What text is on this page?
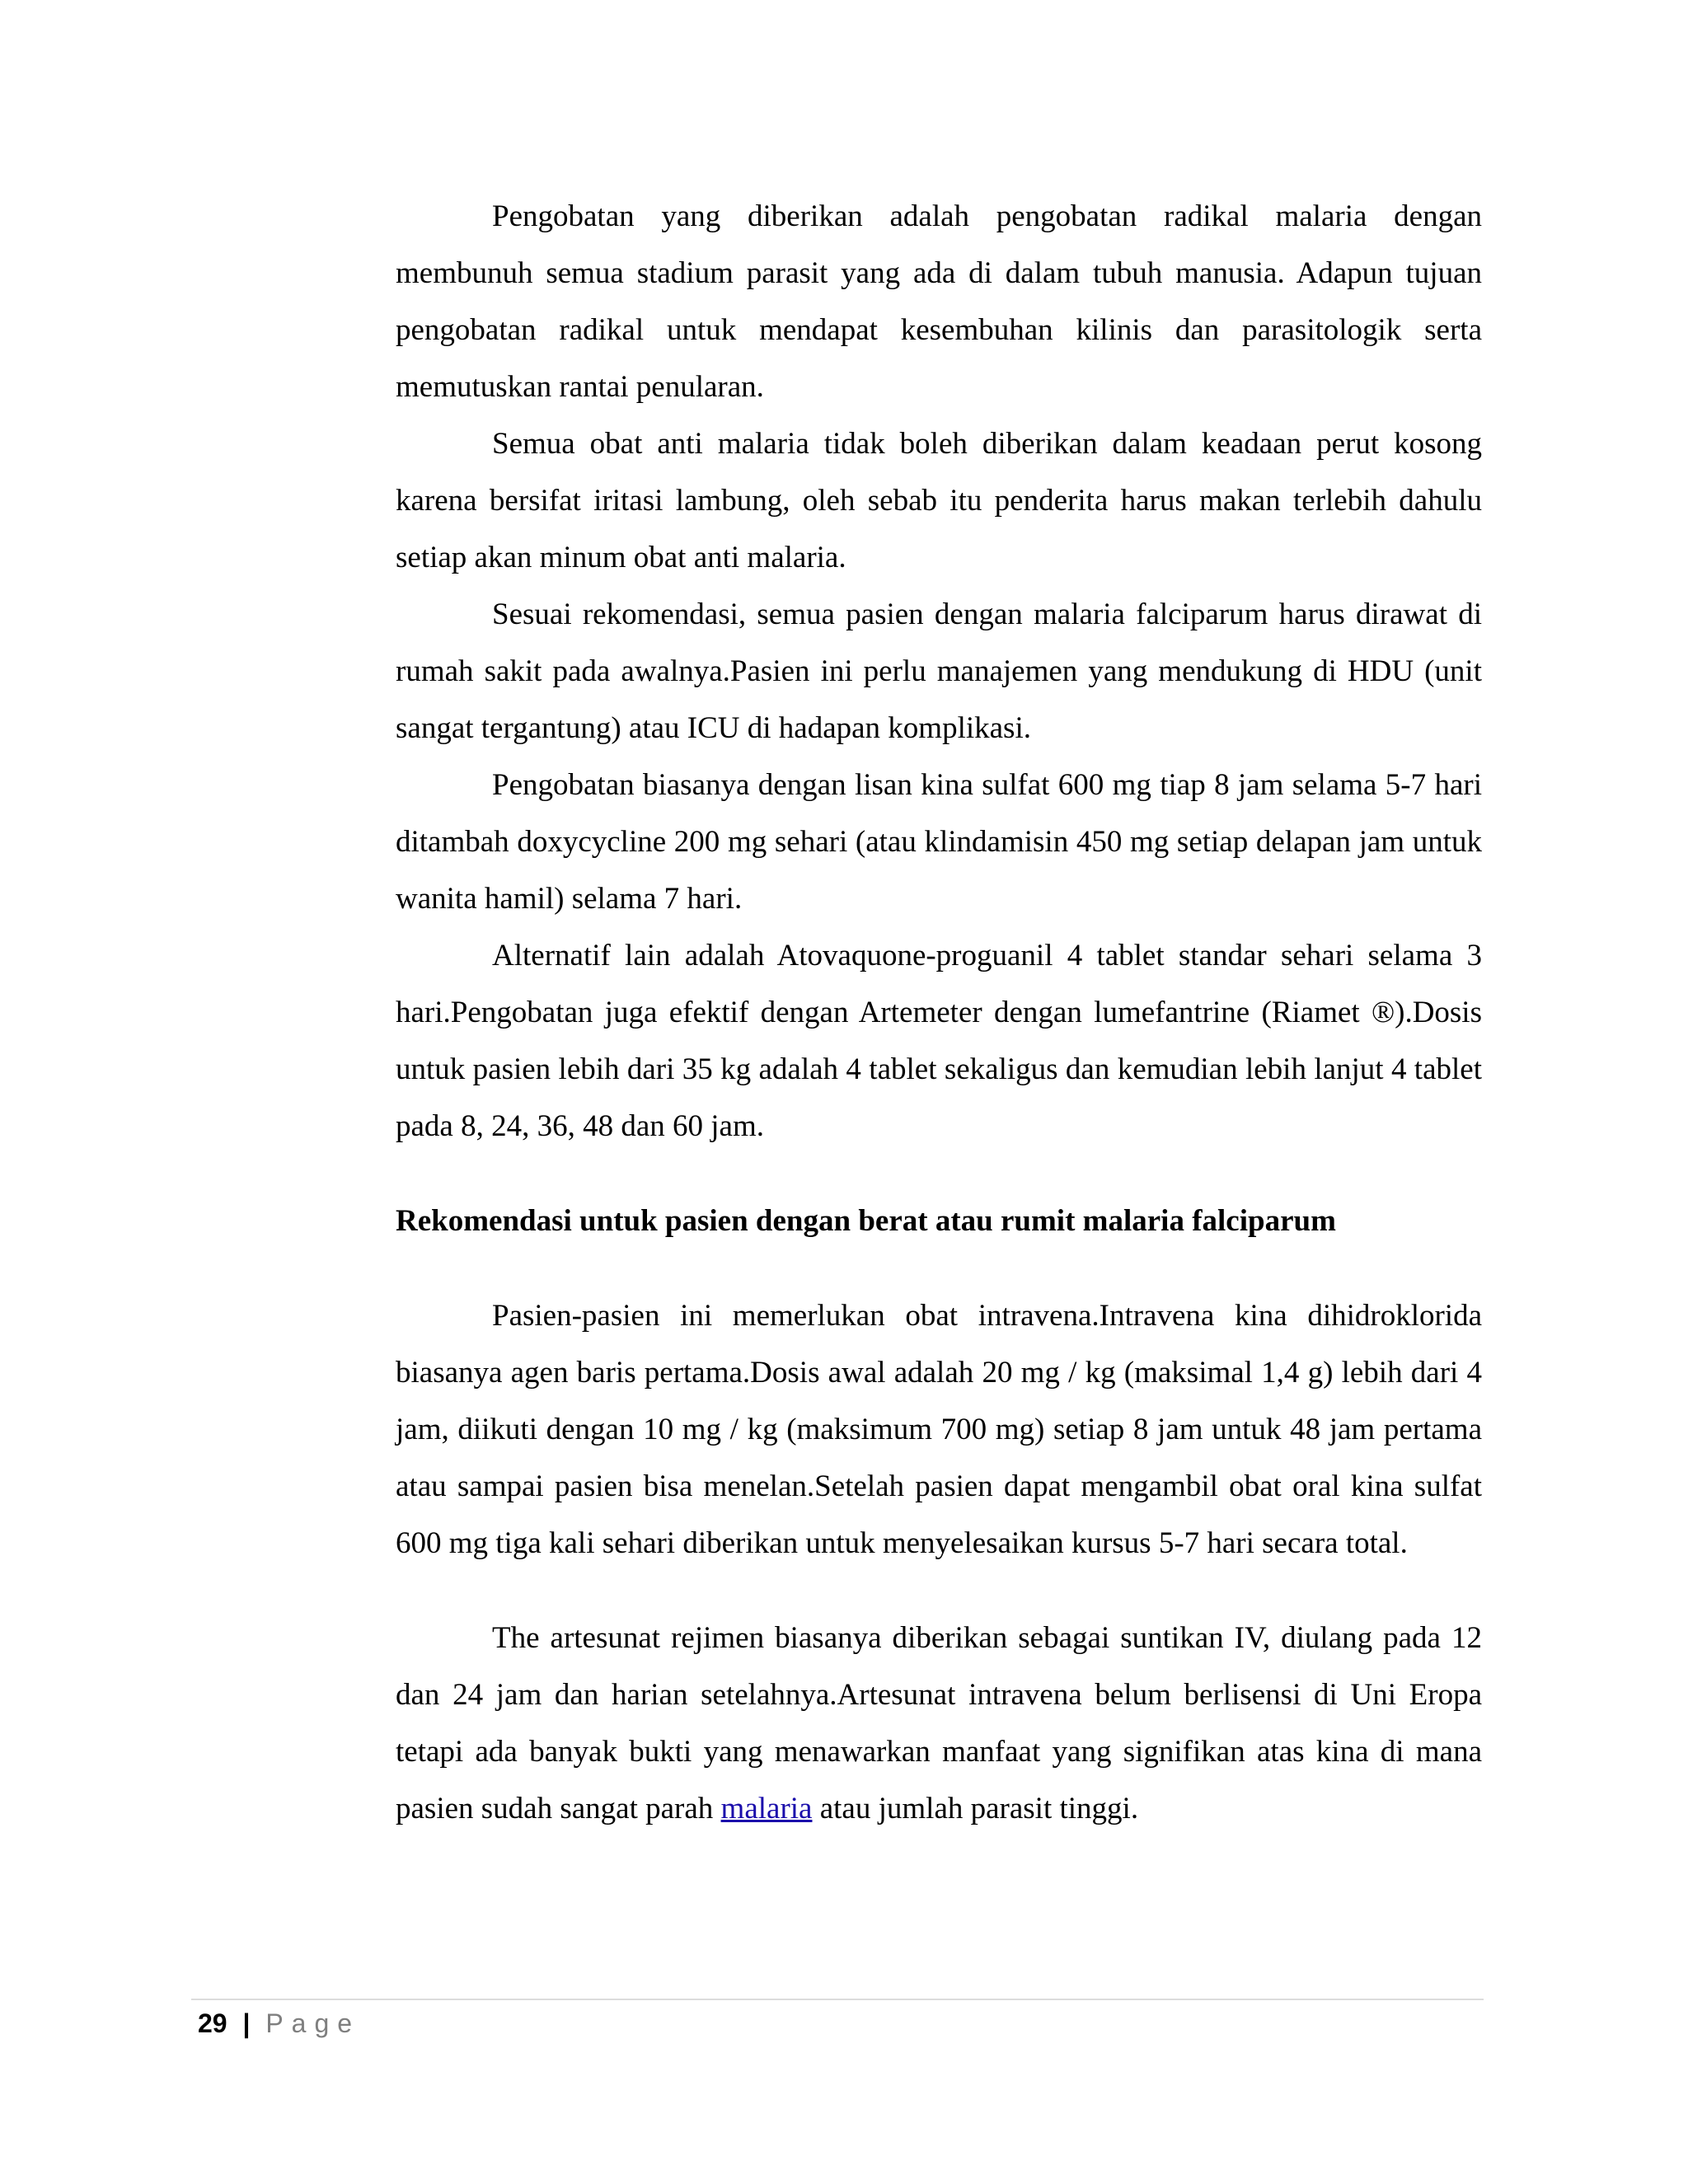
Pengobatan yang diberikan adalah pengobatan radikal malaria dengan membunuh semua stadium parasit yang ada di dalam tubuh manusia. Adapun tujuan pengobatan radikal untuk mendapat kesembuhan kilinis dan parasitologik serta memutuskan rantai penularan.

Semua obat anti malaria tidak boleh diberikan dalam keadaan perut kosong karena bersifat iritasi lambung, oleh sebab itu penderita harus makan terlebih dahulu setiap akan minum obat anti malaria.

Sesuai rekomendasi, semua pasien dengan malaria falciparum harus dirawat di rumah sakit pada awalnya.Pasien ini perlu manajemen yang mendukung di HDU (unit sangat tergantung) atau ICU di hadapan komplikasi.

Pengobatan biasanya dengan lisan kina sulfat 600 mg tiap 8 jam selama 5-7 hari ditambah doxycycline 200 mg sehari (atau klindamisin 450 mg setiap delapan jam untuk wanita hamil) selama 7 hari.

Alternatif lain adalah Atovaquone-proguanil 4 tablet standar sehari selama 3 hari.Pengobatan juga efektif dengan Artemeter dengan lumefantrine (Riamet ®).Dosis untuk pasien lebih dari 35 kg adalah 4 tablet sekaligus dan kemudian lebih lanjut 4 tablet pada 8, 24, 36, 48 dan 60 jam.

Rekomendasi untuk pasien dengan berat atau rumit malaria falciparum

Pasien-pasien ini memerlukan obat intravena.Intravena kina dihidroklorida biasanya agen baris pertama.Dosis awal adalah 20 mg / kg (maksimal 1,4 g) lebih dari 4 jam, diikuti dengan 10 mg / kg (maksimum 700 mg) setiap 8 jam untuk 48 jam pertama atau sampai pasien bisa menelan.Setelah pasien dapat mengambil obat oral kina sulfat 600 mg tiga kali sehari diberikan untuk menyelesaikan kursus 5-7 hari secara total.

The artesunat rejimen biasanya diberikan sebagai suntikan IV, diulang pada 12 dan 24 jam dan harian setelahnya.Artesunat intravena belum berlisensi di Uni Eropa tetapi ada banyak bukti yang menawarkan manfaat yang signifikan atas kina di mana pasien sudah sangat parah malaria atau jumlah parasit tinggi.

29 | Page
